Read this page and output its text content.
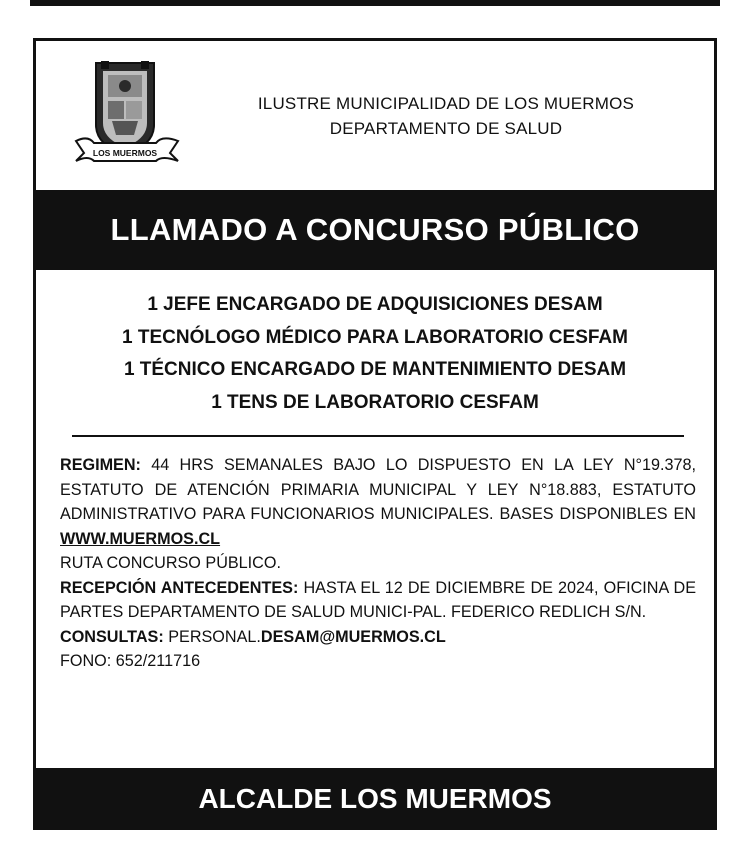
LOS MUERMOS
ILUSTRE MUNICIPALIDAD DE LOS MUERMOS
DEPARTAMENTO DE SALUD
LLAMADO A CONCURSO PÚBLICO
1 JEFE ENCARGADO DE ADQUISICIONES DESAM
1 TECNÓLOGO MÉDICO PARA LABORATORIO CESFAM
1 TÉCNICO ENCARGADO DE MANTENIMIENTO DESAM
1 TENS DE LABORATORIO CESFAM

REGIMEN: 44 HRS SEMANALES BAJO LO DISPUESTO EN LA LEY N°19.378, ESTATUTO DE ATENCIÓN PRIMARIA MUNICIPAL Y LEY N°18.883, ESTATUTO ADMINISTRATIVO PARA FUNCIONARIOS MUNICIPALES. BASES DISPONIBLES EN WWW.MUERMOS.CL

RUTA CONCURSO PÚBLICO.

RECEPCIÓN ANTECEDENTES: HASTA EL 12 DE DICIEMBRE DE 2024, OFICINA DE PARTES DEPARTAMENTO DE SALUD MUNICI-PAL. FEDERICO REDLICH S/N.

CONSULTAS: PERSONAL.DESAM@MUERMOS.CL

FONO: 652/211716

ALCALDE LOS MUERMOS
